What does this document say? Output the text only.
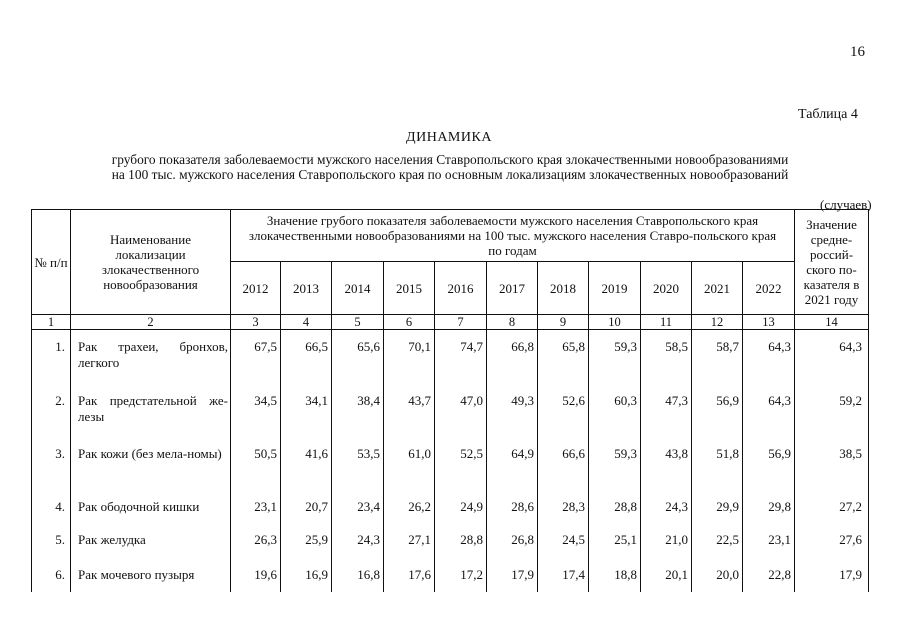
16
Таблица 4
ДИНАМИКА
грубого показателя заболеваемости мужского населения Ставропольского края злокачественными новообразованиями
на 100 тыс. мужского населения Ставропольского края по основным локализациям злокачественных новообразований
(случаев)
№ п/п	Наименование локализации злокачественного новообразования	Значение грубого показателя заболеваемости мужского населения Ставропольского края злокачественными новообразованиями на 100 тыс. мужского населения Ставро-польского края по годам											Значение средне-россий-ского по-казателя в 2021 году
		2012	2013	2014	2015	2016	2017	2018	2019	2020	2021	2022	
1	2	3	4	5	6	7	8	9	10	11	12	13	14
1.	Рак трахеи, бронхов, легкого	67,5	66,5	65,6	70,1	74,7	66,8	65,8	59,3	58,5	58,7	64,3	64,3
2.	Рак предстательной же-лезы	34,5	34,1	38,4	43,7	47,0	49,3	52,6	60,3	47,3	56,9	64,3	59,2
3.	Рак кожи (без мела-номы)	50,5	41,6	53,5	61,0	52,5	64,9	66,6	59,3	43,8	51,8	56,9	38,5
4.	Рак ободочной кишки	23,1	20,7	23,4	26,2	24,9	28,6	28,3	28,8	24,3	29,9	29,8	27,2
5.	Рак желудка	26,3	25,9	24,3	27,1	28,8	26,8	24,5	25,1	21,0	22,5	23,1	27,6
6.	Рак мочевого пузыря	19,6	16,9	16,8	17,6	17,2	17,9	17,4	18,8	20,1	20,0	22,8	17,9
